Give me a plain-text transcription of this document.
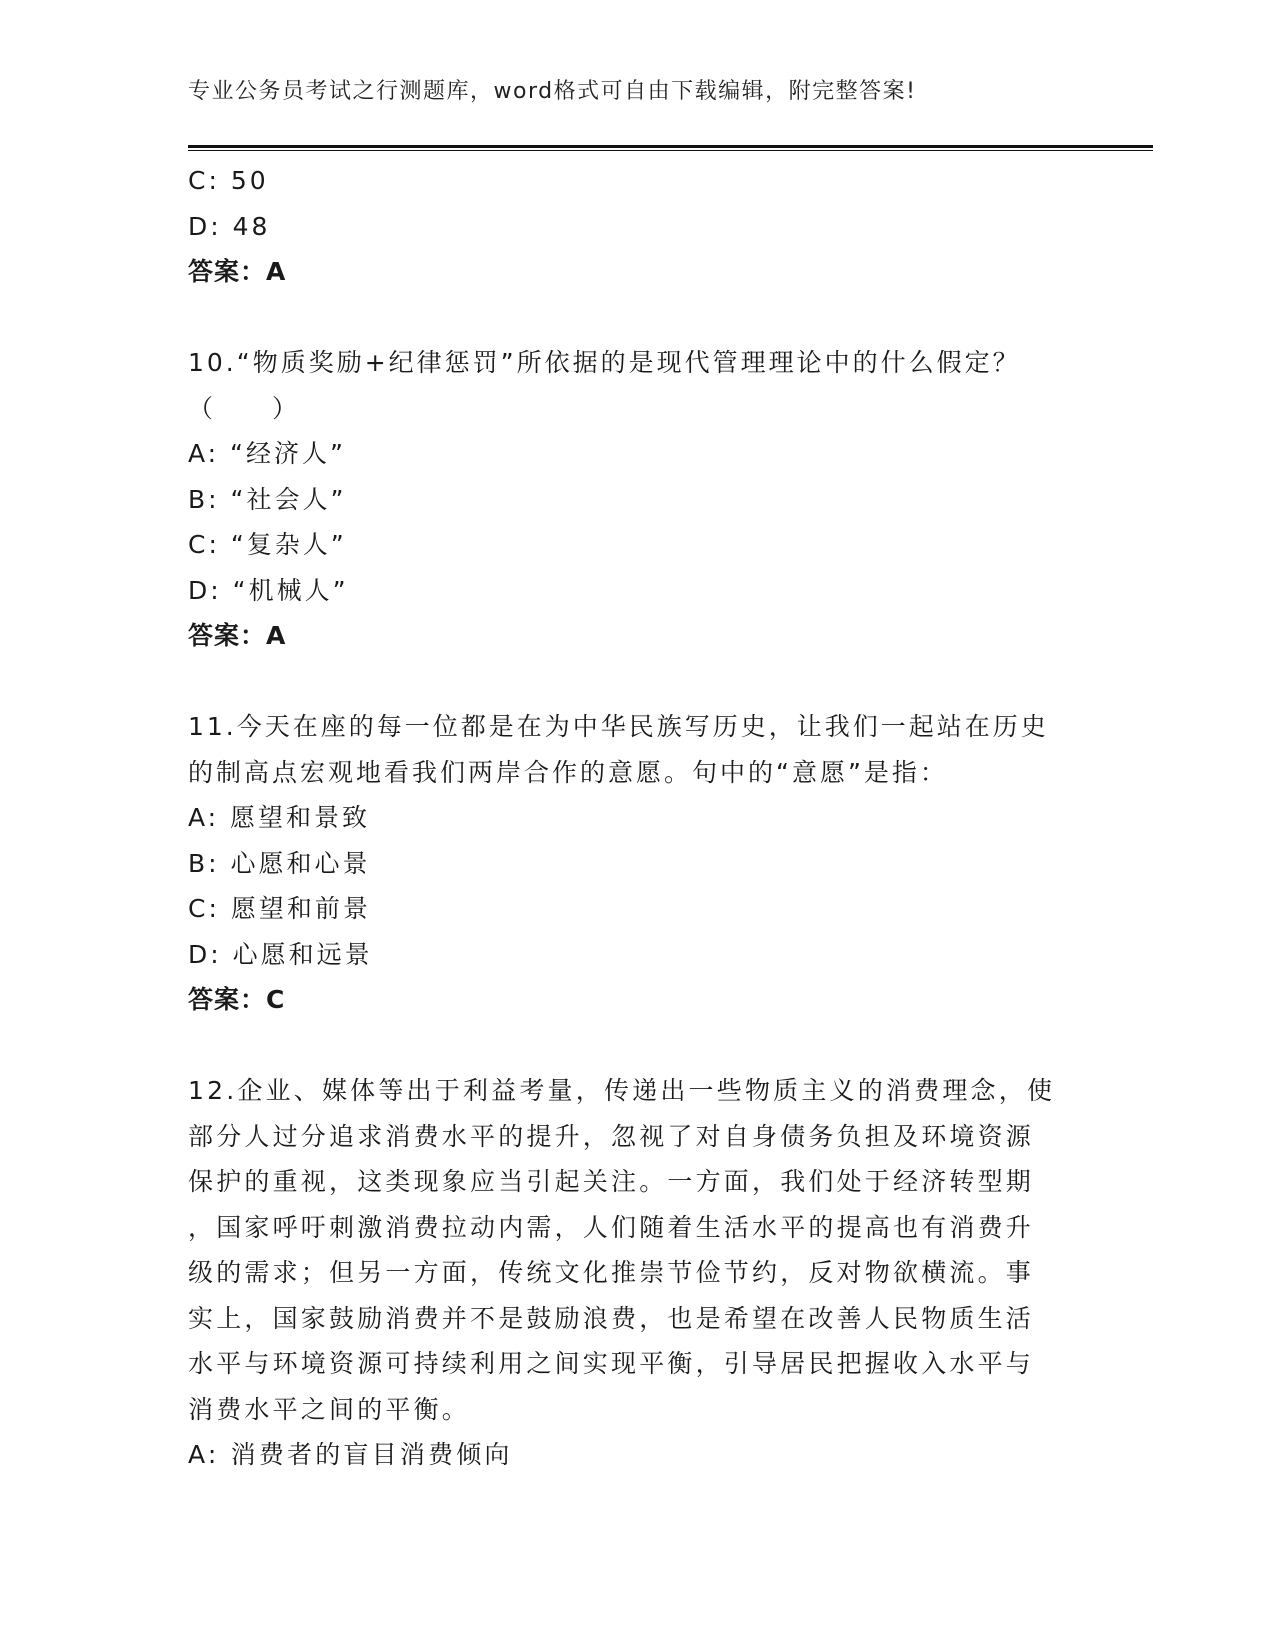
专业公务员考试之行测题库，word格式可自由下载编辑，附完整答案!
C: 50
D: 48
答案：A
10.“物质奖励+纪律惩罚”所依据的是现代管理理论中的什么假定？
（　　）
A: “经济人”
B: “社会人”
C: “复杂人”
D: “机械人”
答案：A
11.今天在座的每一位都是在为中华民族写历史，让我们一起站在历史
的制高点宏观地看我们两岸合作的意愿。句中的“意愿”是指：
A: 愿望和景致
B: 心愿和心景
C: 愿望和前景
D: 心愿和远景
答案：C
12.企业、媒体等出于利益考量，传递出一些物质主义的消费理念，使
部分人过分追求消费水平的提升，忽视了对自身债务负担及环境资源
保护的重视，这类现象应当引起关注。一方面，我们处于经济转型期
，国家呼吁刺激消费拉动内需，人们随着生活水平的提高也有消费升
级的需求；但另一方面，传统文化推崇节俭节约，反对物欲横流。事
实上，国家鼓励消费并不是鼓励浪费，也是希望在改善人民物质生活
水平与环境资源可持续利用之间实现平衡，引导居民把握收入水平与
消费水平之间的平衡。
A: 消费者的盲目消费倾向
